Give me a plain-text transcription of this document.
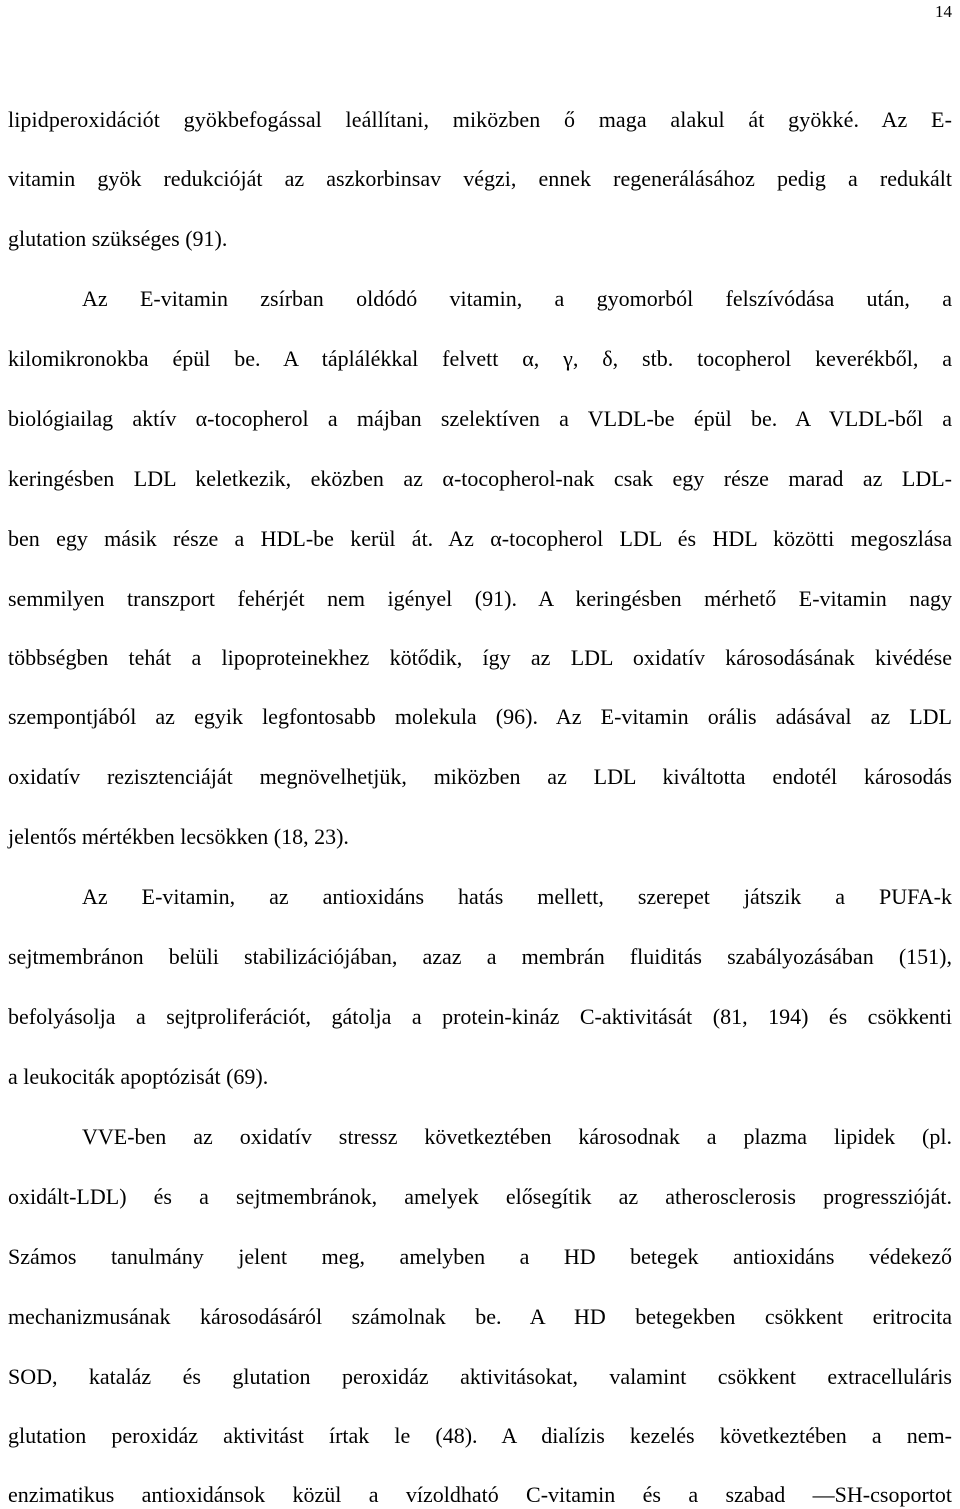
14
lipidperoxidációt gyökbefogással leállítani, miközben ő maga alakul át gyökké. Az E-
vitamin gyök redukcióját az aszkorbinsav végzi, ennek regenerálásához pedig a redukált
glutation szükséges (91).
Az E-vitamin zsírban oldódó vitamin, a gyomorból felszívódása után, a
kilomikronokba épül be. A táplálékkal felvett α, γ, δ, stb. tocopherol keverékből, a
biológiailag aktív α-tocopherol a májban szelektíven a VLDL-be épül be. A VLDL-ből a
keringésben LDL keletkezik, eközben az α-tocopherol-nak csak egy része marad az LDL-
ben egy másik része a HDL-be kerül át. Az α-tocopherol LDL és HDL közötti megoszlása
semmilyen transzport fehérjét nem igényel (91). A keringésben mérhető E-vitamin nagy
többségben tehát a lipoproteinekhez kötődik, így az LDL oxidatív károsodásának kivédése
szempontjából az egyik legfontosabb molekula (96). Az E-vitamin orális adásával az LDL
oxidatív rezisztenciáját megnövelhetjük, miközben az LDL kiváltotta endotél károsodás
jelentős mértékben lecsökken (18, 23).
Az E-vitamin, az antioxidáns hatás mellett, szerepet játszik a PUFA-k
sejtmembránon belüli stabilizációjában, azaz a membrán fluiditás szabályozásában (151),
befolyásolja a sejtproliferációt, gátolja a protein-kináz C-aktivitását (81, 194) és csökkenti
a leukociták apoptózisát (69).
VVE-ben az oxidatív stressz következtében károsodnak a plazma lipidek (pl.
oxidált-LDL) és a sejtmembránok, amelyek elősegítik az atherosclerosis progresszióját.
Számos tanulmány jelent meg, amelyben a HD betegek antioxidáns védekező
mechanizmusának károsodásáról számolnak be. A HD betegekben csökkent eritrocita
SOD, kataláz és glutation peroxidáz aktivitásokat, valamint csökkent extracelluláris
glutation peroxidáz aktivitást írtak le (48). A dialízis kezelés következtében a nem-
enzimatikus antioxidánsok közül a vízoldható C-vitamin és a szabad —SH-csoportot
